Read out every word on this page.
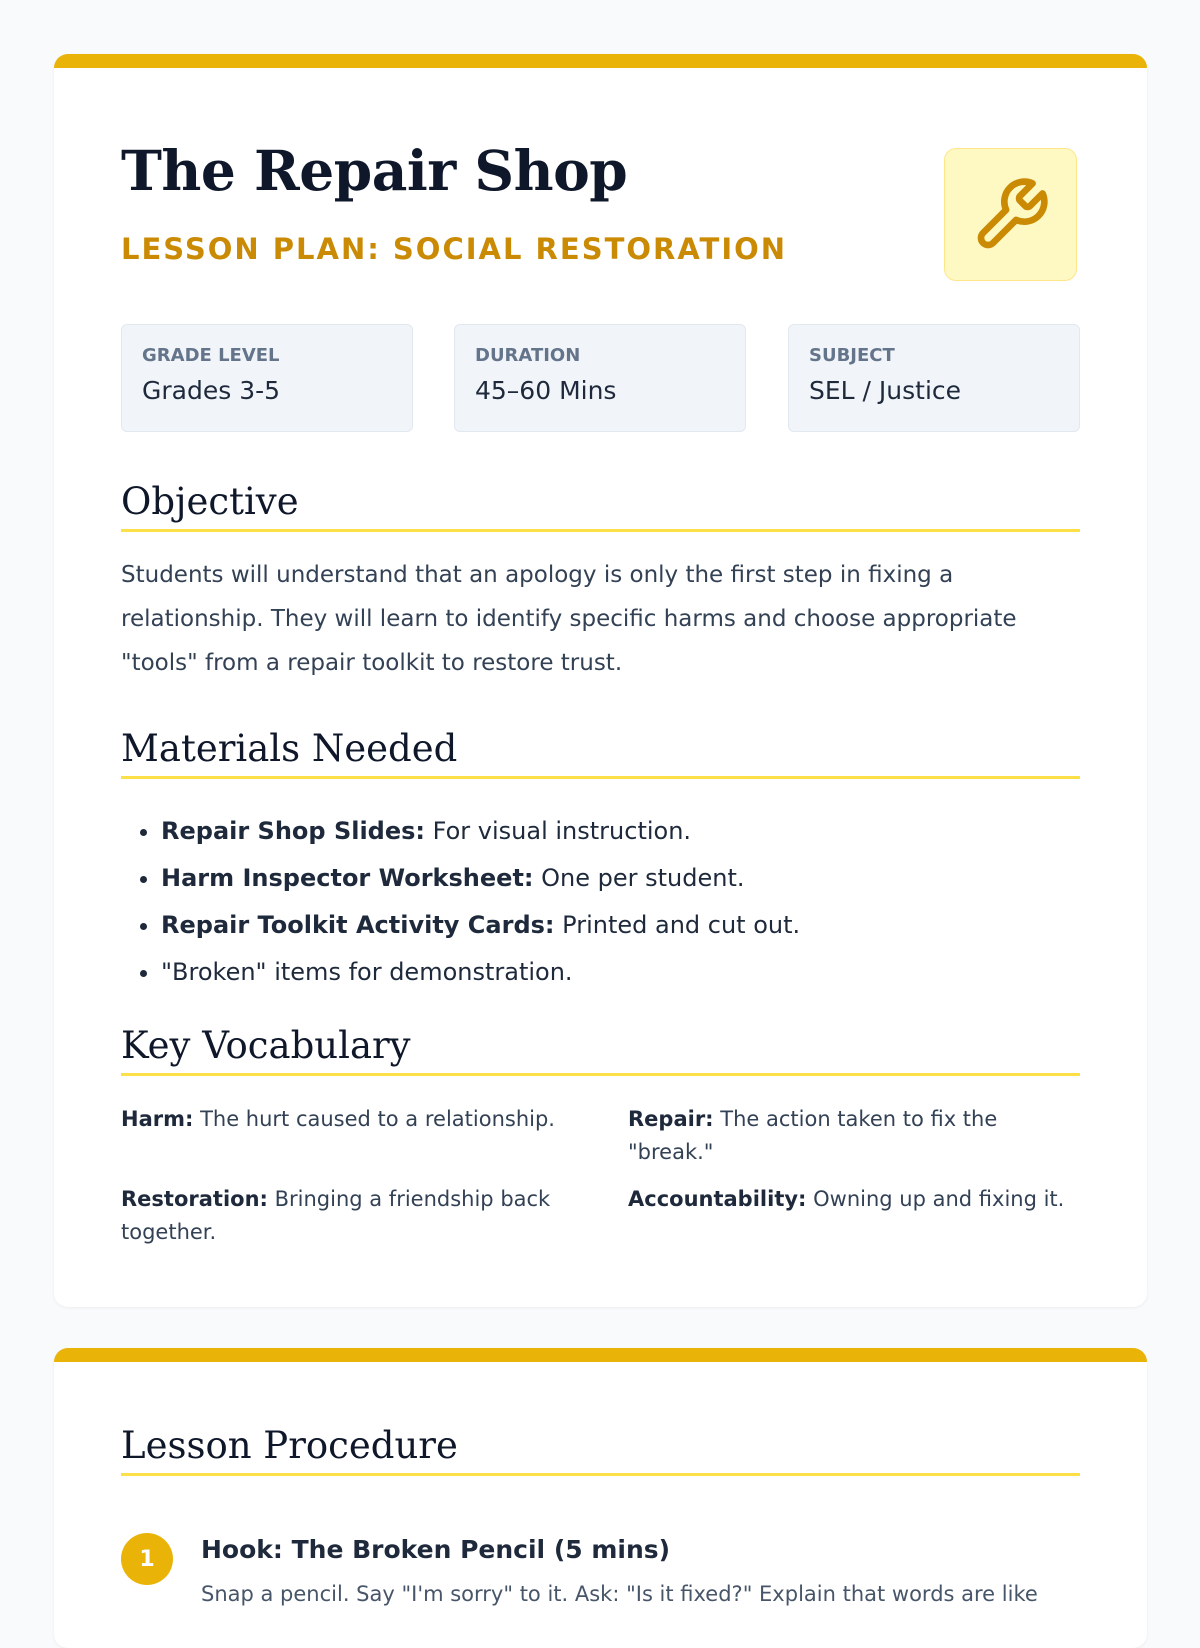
The Repair Shop
LESSON PLAN: SOCIAL RESTORATION
GRADE LEVEL
Grades 3-5
DURATION
45–60 Mins
SUBJECT
SEL / Justice
Objective

Students will understand that an apology is only the first step in fixing a relationship. They will learn to identify specific harms and choose appropriate "tools" from a repair toolkit to restore trust.

Materials Needed
• Repair Shop Slides: For visual instruction.
• Harm Inspector Worksheet: One per student.
• Repair Toolkit Activity Cards: Printed and cut out.
• "Broken" items for demonstration.
Key Vocabulary
Harm: The hurt caused to a relationship.	Repair: The action taken to fix the "break."
Restoration: Bringing a friendship back together.
Accountability: Owning up and fixing it.
Lesson Procedure
1	Hook: The Broken Pencil (5 mins)
Snap a pencil. Say "I'm sorry" to it. Ask: "Is it fixed?" Explain that words are like
